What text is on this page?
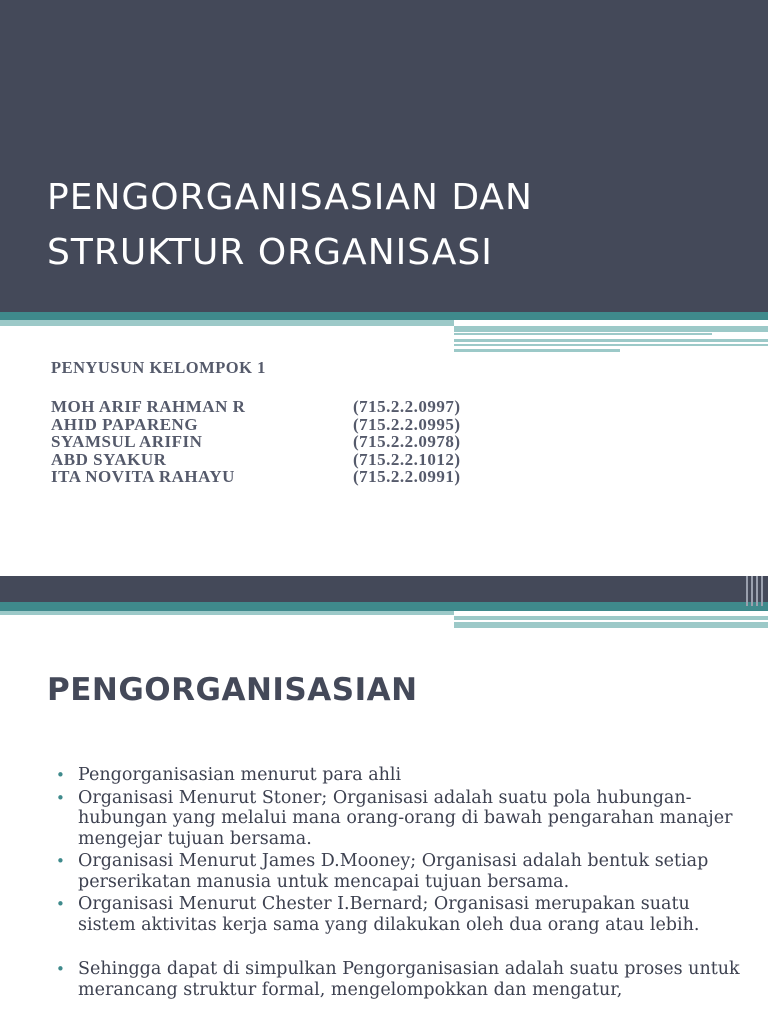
PENGORGANISASIAN DAN
STRUKTUR ORGANISASI
PENYUSUN KELOMPOK 1
MOH ARIF RAHMAN R	(715.2.2.0997)
AHID PAPARENG	(715.2.2.0995)
SYAMSUL ARIFIN	(715.2.2.0978)
ABD SYAKUR	(715.2.2.1012)
ITA NOVITA RAHAYU	(715.2.2.0991)
PENGORGANISASIAN
• Pengorganisasian menurut para ahli
• Organisasi Menurut Stoner; Organisasi adalah suatu pola hubungan-hubungan yang melalui mana orang-orang di bawah pengarahan manajer mengejar tujuan bersama.
• Organisasi Menurut James D.Mooney; Organisasi adalah bentuk setiap perserikatan manusia untuk mencapai tujuan bersama.
• Organisasi Menurut Chester I.Bernard; Organisasi merupakan suatu sistem aktivitas kerja sama yang dilakukan oleh dua orang atau lebih.
• Sehingga dapat di simpulkan Pengorganisasian adalah suatu proses untuk merancang struktur formal, mengelompokkan dan mengatur,
